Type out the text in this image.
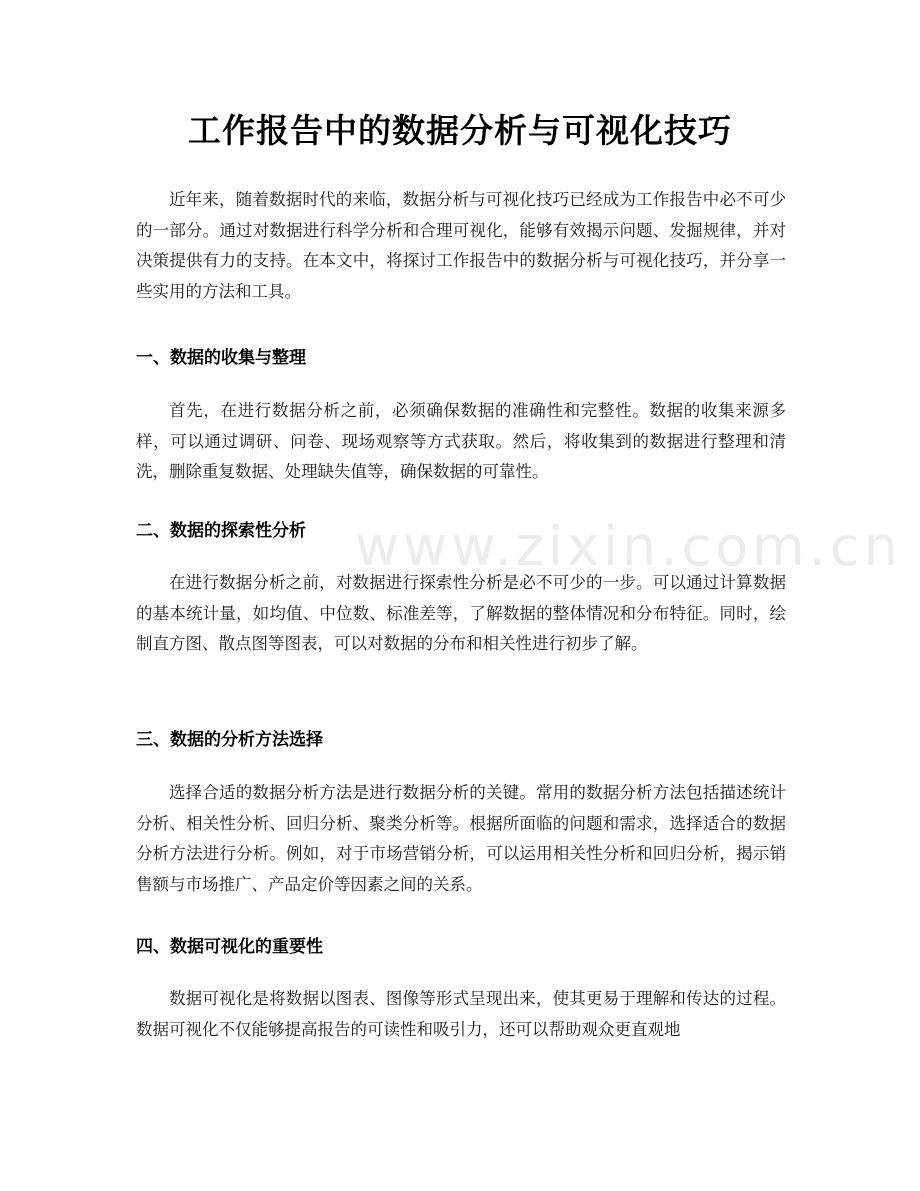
工作报告中的数据分析与可视化技巧

近年来，随着数据时代的来临，数据分析与可视化技巧已经成为工作报告中必不可少的一部分。通过对数据进行科学分析和合理可视化，能够有效揭示问题、发掘规律，并对决策提供有力的支持。在本文中，将探讨工作报告中的数据分析与可视化技巧，并分享一些实用的方法和工具。

一、数据的收集与整理

首先，在进行数据分析之前，必须确保数据的准确性和完整性。数据的收集来源多样，可以通过调研、问卷、现场观察等方式获取。然后，将收集到的数据进行整理和清洗，删除重复数据、处理缺失值等，确保数据的可靠性。

二、数据的探索性分析

在进行数据分析之前，对数据进行探索性分析是必不可少的一步。可以通过计算数据的基本统计量，如均值、中位数、标准差等，了解数据的整体情况和分布特征。同时，绘制直方图、散点图等图表，可以对数据的分布和相关性进行初步了解。

三、数据的分析方法选择

选择合适的数据分析方法是进行数据分析的关键。常用的数据分析方法包括描述统计分析、相关性分析、回归分析、聚类分析等。根据所面临的问题和需求，选择适合的数据分析方法进行分析。例如，对于市场营销分析，可以运用相关性分析和回归分析，揭示销售额与市场推广、产品定价等因素之间的关系。

四、数据可视化的重要性

数据可视化是将数据以图表、图像等形式呈现出来，使其更易于理解和传达的过程。数据可视化不仅能够提高报告的可读性和吸引力，还可以帮助观众更直观地

www.zixin.com.cn
